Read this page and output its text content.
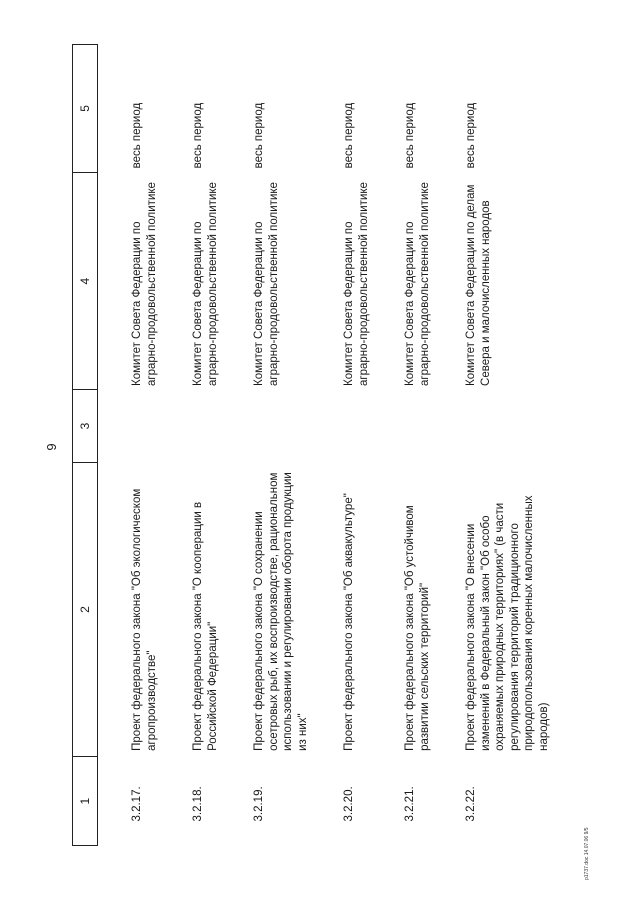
9
1	2	3	4	5
3.2.17.	Проект федерального закона "Об экологическом агропроизводстве"		Комитет Совета Федерации по аграрно-продовольственной политике	весь период
3.2.18.	Проект федерального закона "О кооперации в Российской Федерации"		Комитет Совета Федерации по аграрно-продовольственной политике	весь период
3.2.19.	Проект федерального закона "О сохранении осетровых рыб, их воспроизводстве, рациональном использовании и регулировании оборота продукции из них"		Комитет Совета Федерации по аграрно-продовольственной политике	весь период
3.2.20.	Проект федерального закона "Об аквакультуре"		Комитет Совета Федерации по аграрно-продовольственной политике	весь период
3.2.21.	Проект федерального закона "Об устойчивом развитии сельских территорий"		Комитет Совета Федерации по аграрно-продовольственной политике	весь период
3.2.22.	Проект федерального закона "О внесении изменений в Федеральный закон "Об особо охраняемых природных территориях" (в части регулирования территорий традиционного природопользования коренных малочисленных народов)		Комитет Совета Федерации по делам Севера и малочисленных народов	весь период
р1737.doc 14.07.06 9/5
